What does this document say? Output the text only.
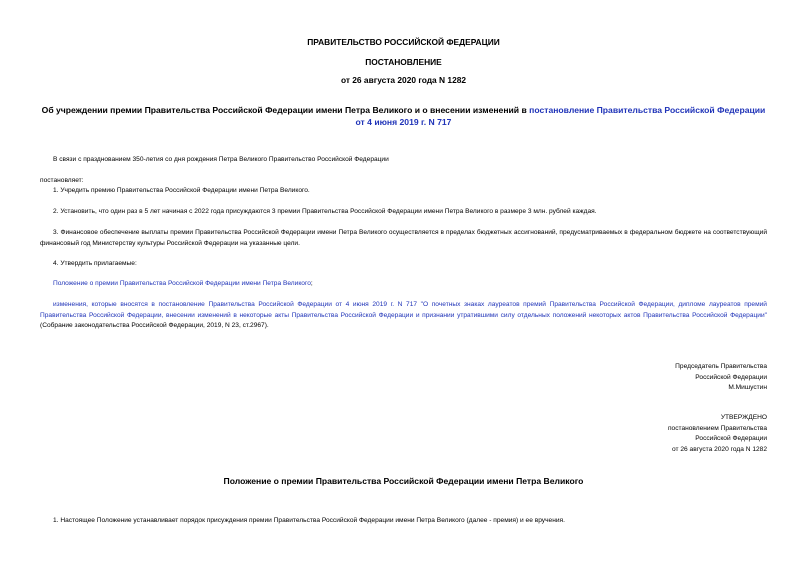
ПРАВИТЕЛЬСТВО РОССИЙСКОЙ ФЕДЕРАЦИИ
ПОСТАНОВЛЕНИЕ
от 26 августа 2020 года N 1282
Об учреждении премии Правительства Российской Федерации имени Петра Великого и о внесении изменений в постановление Правительства Российской Федерации от 4 июня 2019 г. N 717
В связи с празднованием 350-летия со дня рождения Петра Великого Правительство Российской Федерации
постановляет:
1. Учредить премию Правительства Российской Федерации имени Петра Великого.
2. Установить, что один раз в 5 лет начиная с 2022 года присуждаются 3 премии Правительства Российской Федерации имени Петра Великого в размере 3 млн. рублей каждая.
3. Финансовое обеспечение выплаты премии Правительства Российской Федерации имени Петра Великого осуществляется в пределах бюджетных ассигнований, предусматриваемых в федеральном бюджете на соответствующий финансовый год Министерству культуры Российской Федерации на указанные цели.
4. Утвердить прилагаемые:
Положение о премии Правительства Российской Федерации имени Петра Великого;
изменения, которые вносятся в постановление Правительства Российской Федерации от 4 июня 2019 г. N 717 "О почетных знаках лауреатов премий Правительства Российской Федерации, дипломе лауреатов премий Правительства Российской Федерации, внесении изменений в некоторые акты Правительства Российской Федерации и признании утратившими силу отдельных положений некоторых актов Правительства Российской Федерации" (Собрание законодательства Российской Федерации, 2019, N 23, ст.2967).
Председатель Правительства
Российской Федерации
М.Мишустин
УТВЕРЖДЕНО
постановлением Правительства
Российской Федерации
от 26 августа 2020 года N 1282
Положение о премии Правительства Российской Федерации имени Петра Великого
1. Настоящее Положение устанавливает порядок присуждения премии Правительства Российской Федерации имени Петра Великого (далее - премия) и ее вручения.
